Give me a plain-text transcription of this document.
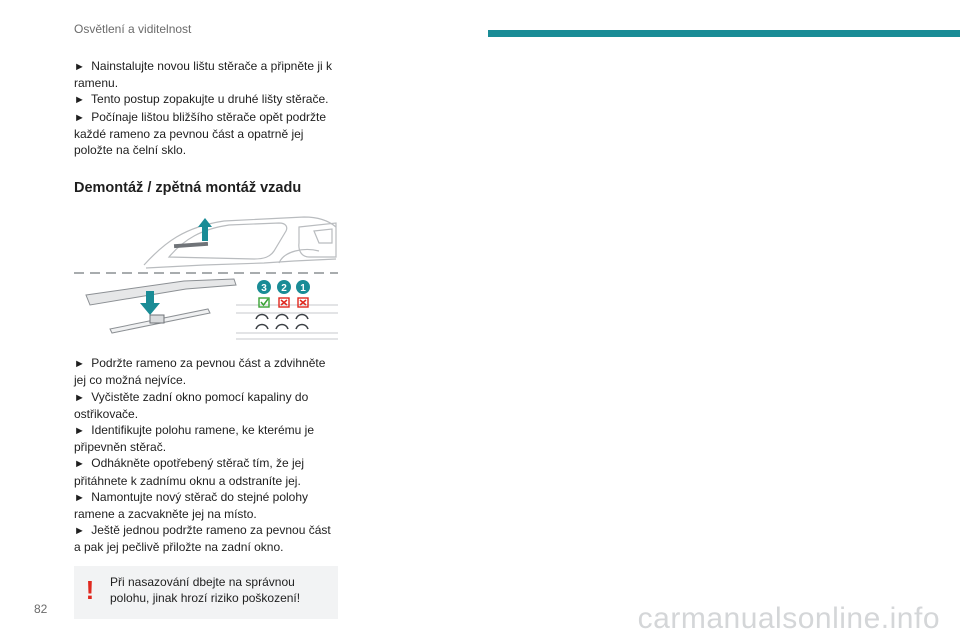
Osvětlení a viditelnost

► Nainstalujte novou lištu stěrače a připněte ji k ramenu.

► Tento postup zopakujte u druhé lišty stěrače.

► Počínaje lištou bližšího stěrače opět podržte každé rameno za pevnou část a opatrně jej položte na čelní sklo.

Demontáž / zpětná montáž vzadu
3 2 1

► Podržte rameno za pevnou část a zdvihněte jej co možná nejvíce.

► Vyčistěte zadní okno pomocí kapaliny do ostřikovače.

► Identifikujte polohu ramene, ke kterému je připevněn stěrač.

► Odhákněte opotřebený stěrač tím, že jej přitáhnete k zadnímu oknu a odstraníte jej.

► Namontujte nový stěrač do stejné polohy ramene a zacvakněte jej na místo.

► Ještě jednou podržte rameno za pevnou část a pak jej pečlivě přiložte na zadní okno.

! Při nasazování dbejte na správnou polohu, jinak hrozí riziko poškození!
82	carmanualsonline.info
